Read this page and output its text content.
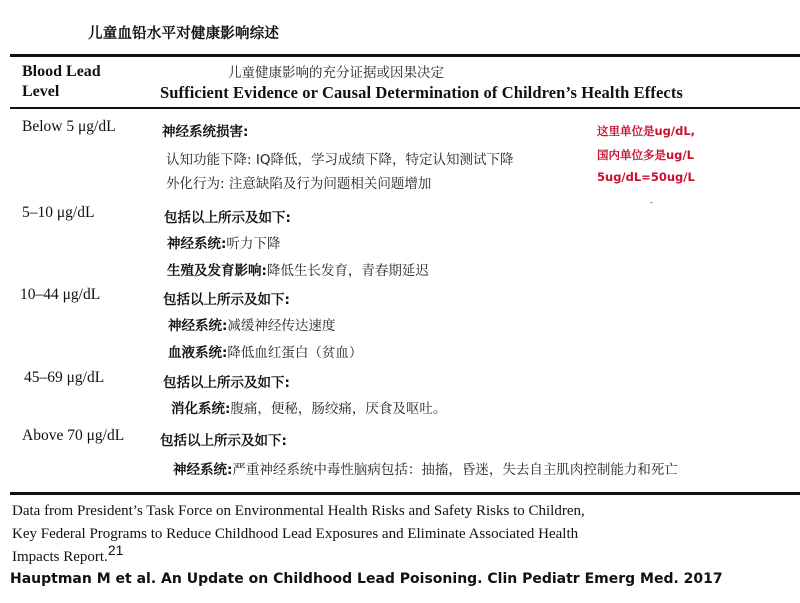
儿童血铅水平对健康影响综述
Blood Lead Level
儿童健康影响的充分证据或因果决定
Sufficient Evidence or Causal Determination of Children’s Health Effects
Below 5 μg/dL	神经系统损害:
认知功能下降: IQ降低，学习成绩下降，特定认知测试下降
外化行为: 注意缺陷及行为问题相关问题增加
这里单位是ug/dL,
国内单位多是ug/L
5ug/dL=50ug/L
-
5–10 μg/dL	包括以上所示及如下:
神经系统:听力下降
生殖及发育影响:降低生长发育，青春期延迟
10–44 μg/dL	包括以上所示及如下:
神经系统:减缓神经传达速度
血液系统:降低血红蛋白（贫血）
45–69 μg/dL	包括以上所示及如下:
消化系统:腹痛，便秘，肠绞痛，厌食及呕吐。
Above 70 μg/dL	包括以上所示及如下:
神经系统:严重神经系统中毒性脑病包括：抽搐，昏迷，失去自主肌肉控制能力和死亡
Data from President’s Task Force on Environmental Health Risks and Safety Risks to Children,
Key Federal Programs to Reduce Childhood Lead Exposures and Eliminate Associated Health
Impacts Report.$^{21}$
Hauptman M et al. An Update on Childhood Lead Poisoning. Clin Pediatr Emerg Med. 2017
